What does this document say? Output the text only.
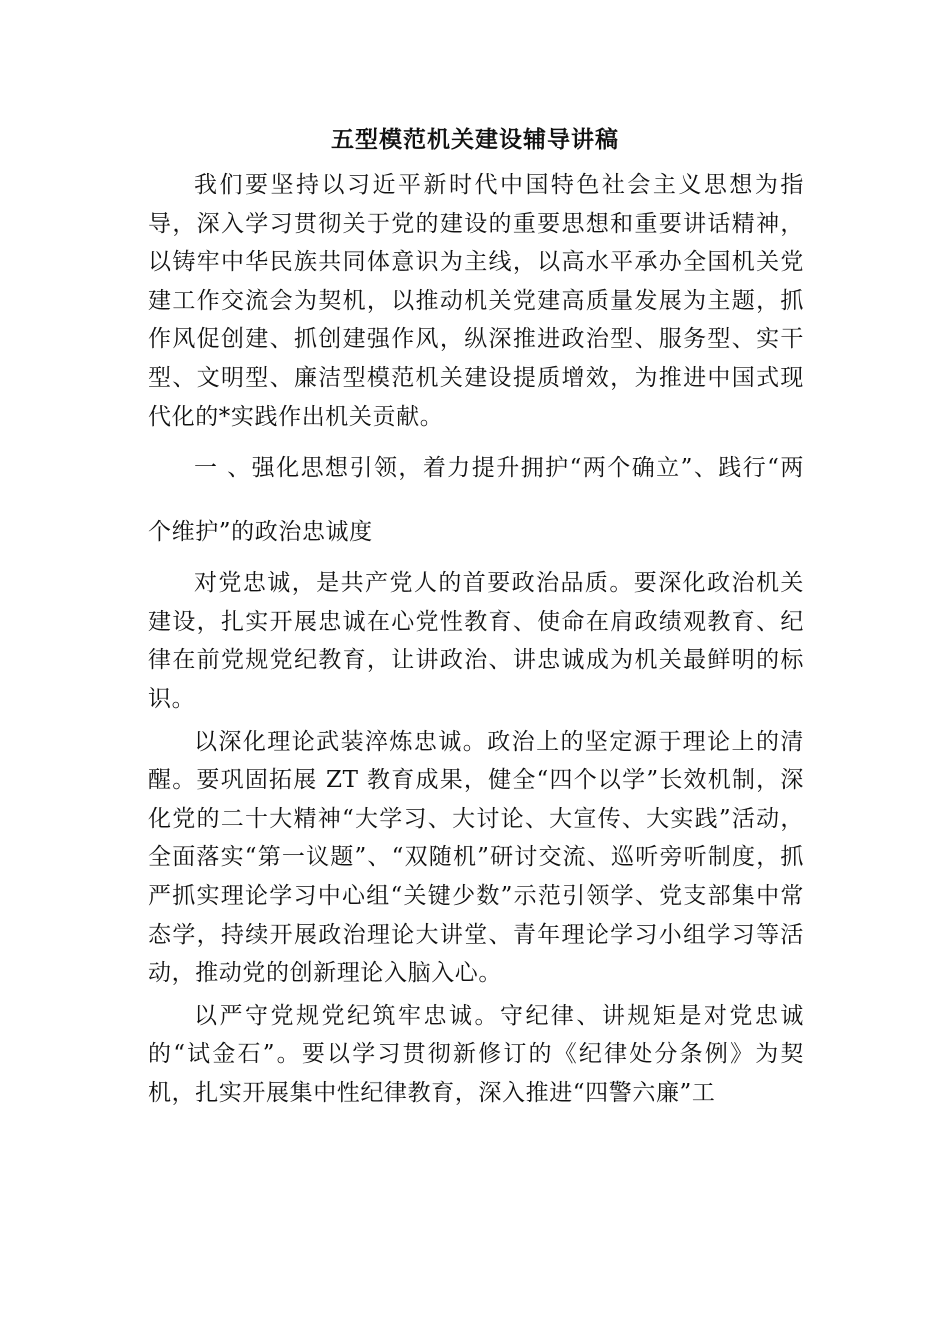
五型模范机关建设辅导讲稿

我们要坚持以习近平新时代中国特色社会主义思想为指导，深入学习贯彻关于党的建设的重要思想和重要讲话精神，以铸牢中华民族共同体意识为主线，以高水平承办全国机关党建工作交流会为契机，以推动机关党建高质量发展为主题，抓作风促创建、抓创建强作风，纵深推进政治型、服务型、实干型、文明型、廉洁型模范机关建设提质增效，为推进中国式现代化的*实践作出机关贡献。

一 、强化思想引领，着力提升拥护“两个确立”、践行“两个维护”的政治忠诚度

对党忠诚，是共产党人的首要政治品质。要深化政治机关建设，扎实开展忠诚在心党性教育、使命在肩政绩观教育、纪律在前党规党纪教育，让讲政治、讲忠诚成为机关最鲜明的标识。

以深化理论武装淬炼忠诚。政治上的坚定源于理论上的清醒。要巩固拓展 ZT 教育成果，健全“四个以学”长效机制，深化党的二十大精神“大学习、大讨论、大宣传、大实践”活动，全面落实“第一议题”、“双随机”研讨交流、巡听旁听制度，抓严抓实理论学习中心组“关键少数”示范引领学、党支部集中常态学，持续开展政治理论大讲堂、青年理论学习小组学习等活动，推动党的创新理论入脑入心。

以严守党规党纪筑牢忠诚。守纪律、讲规矩是对党忠诚的“试金石”。要以学习贯彻新修订的《纪律处分条例》为契机，扎实开展集中性纪律教育，深入推进“四警六廉”工
